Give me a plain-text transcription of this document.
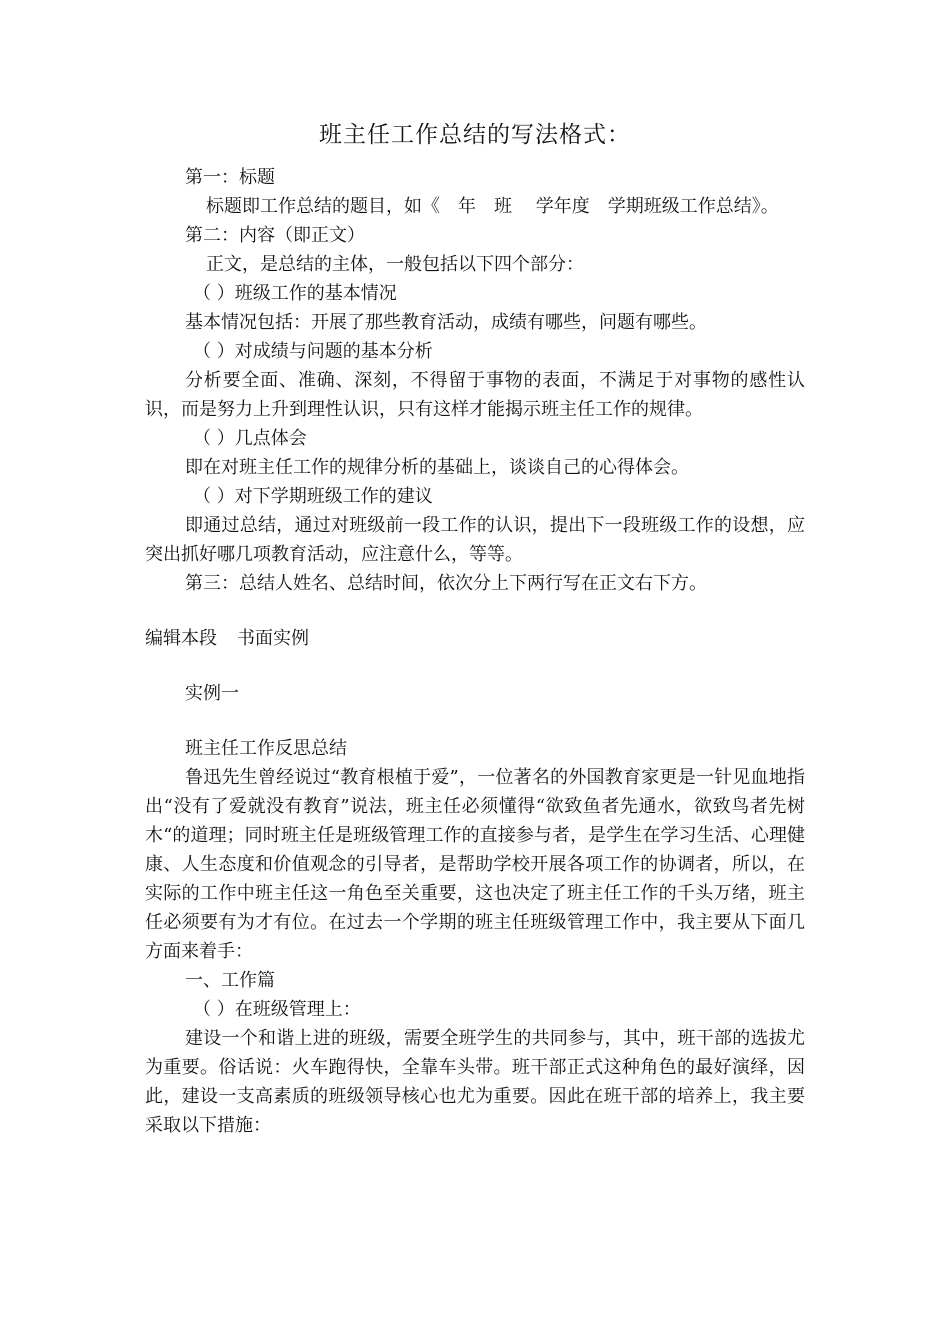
班主任工作总结的写法格式：

第一：标题

标题即工作总结的题目，如《　年　班　 学年度　学期班级工作总结》。

第二：内容（即正文）

正文，是总结的主体，一般包括以下四个部分：

（ ）班级工作的基本情况

基本情况包括：开展了那些教育活动，成绩有哪些，问题有哪些。

（ ）对成绩与问题的基本分析

分析要全面、准确、深刻，不得留于事物的表面，不满足于对事物的感性认识，而是努力上升到理性认识，只有这样才能揭示班主任工作的规律。

（ ）几点体会

即在对班主任工作的规律分析的基础上，谈谈自己的心得体会。

（ ）对下学期班级工作的建议

即通过总结，通过对班级前一段工作的认识，提出下一段班级工作的设想，应突出抓好哪几项教育活动，应注意什么，等等。

第三：总结人姓名、总结时间，依次分上下两行写在正文右下方。

编辑本段 书面实例

实例一

班主任工作反思总结

鲁迅先生曾经说过“教育根植于爱”，一位著名的外国教育家更是一针见血地指出“没有了爱就没有教育”说法，班主任必须懂得“欲致鱼者先通水，欲致鸟者先树木“的道理；同时班主任是班级管理工作的直接参与者，是学生在学习生活、心理健康、人生态度和价值观念的引导者，是帮助学校开展各项工作的协调者，所以，在实际的工作中班主任这一角色至关重要，这也决定了班主任工作的千头万绪，班主任必须要有为才有位。在过去一个学期的班主任班级管理工作中，我主要从下面几方面来着手：

一、工作篇

（ ）在班级管理上：

建设一个和谐上进的班级，需要全班学生的共同参与，其中，班干部的选拔尤为重要。俗话说：火车跑得快，全靠车头带。班干部正式这种角色的最好演绎，因此，建设一支高素质的班级领导核心也尤为重要。因此在班干部的培养上，我主要采取以下措施：
